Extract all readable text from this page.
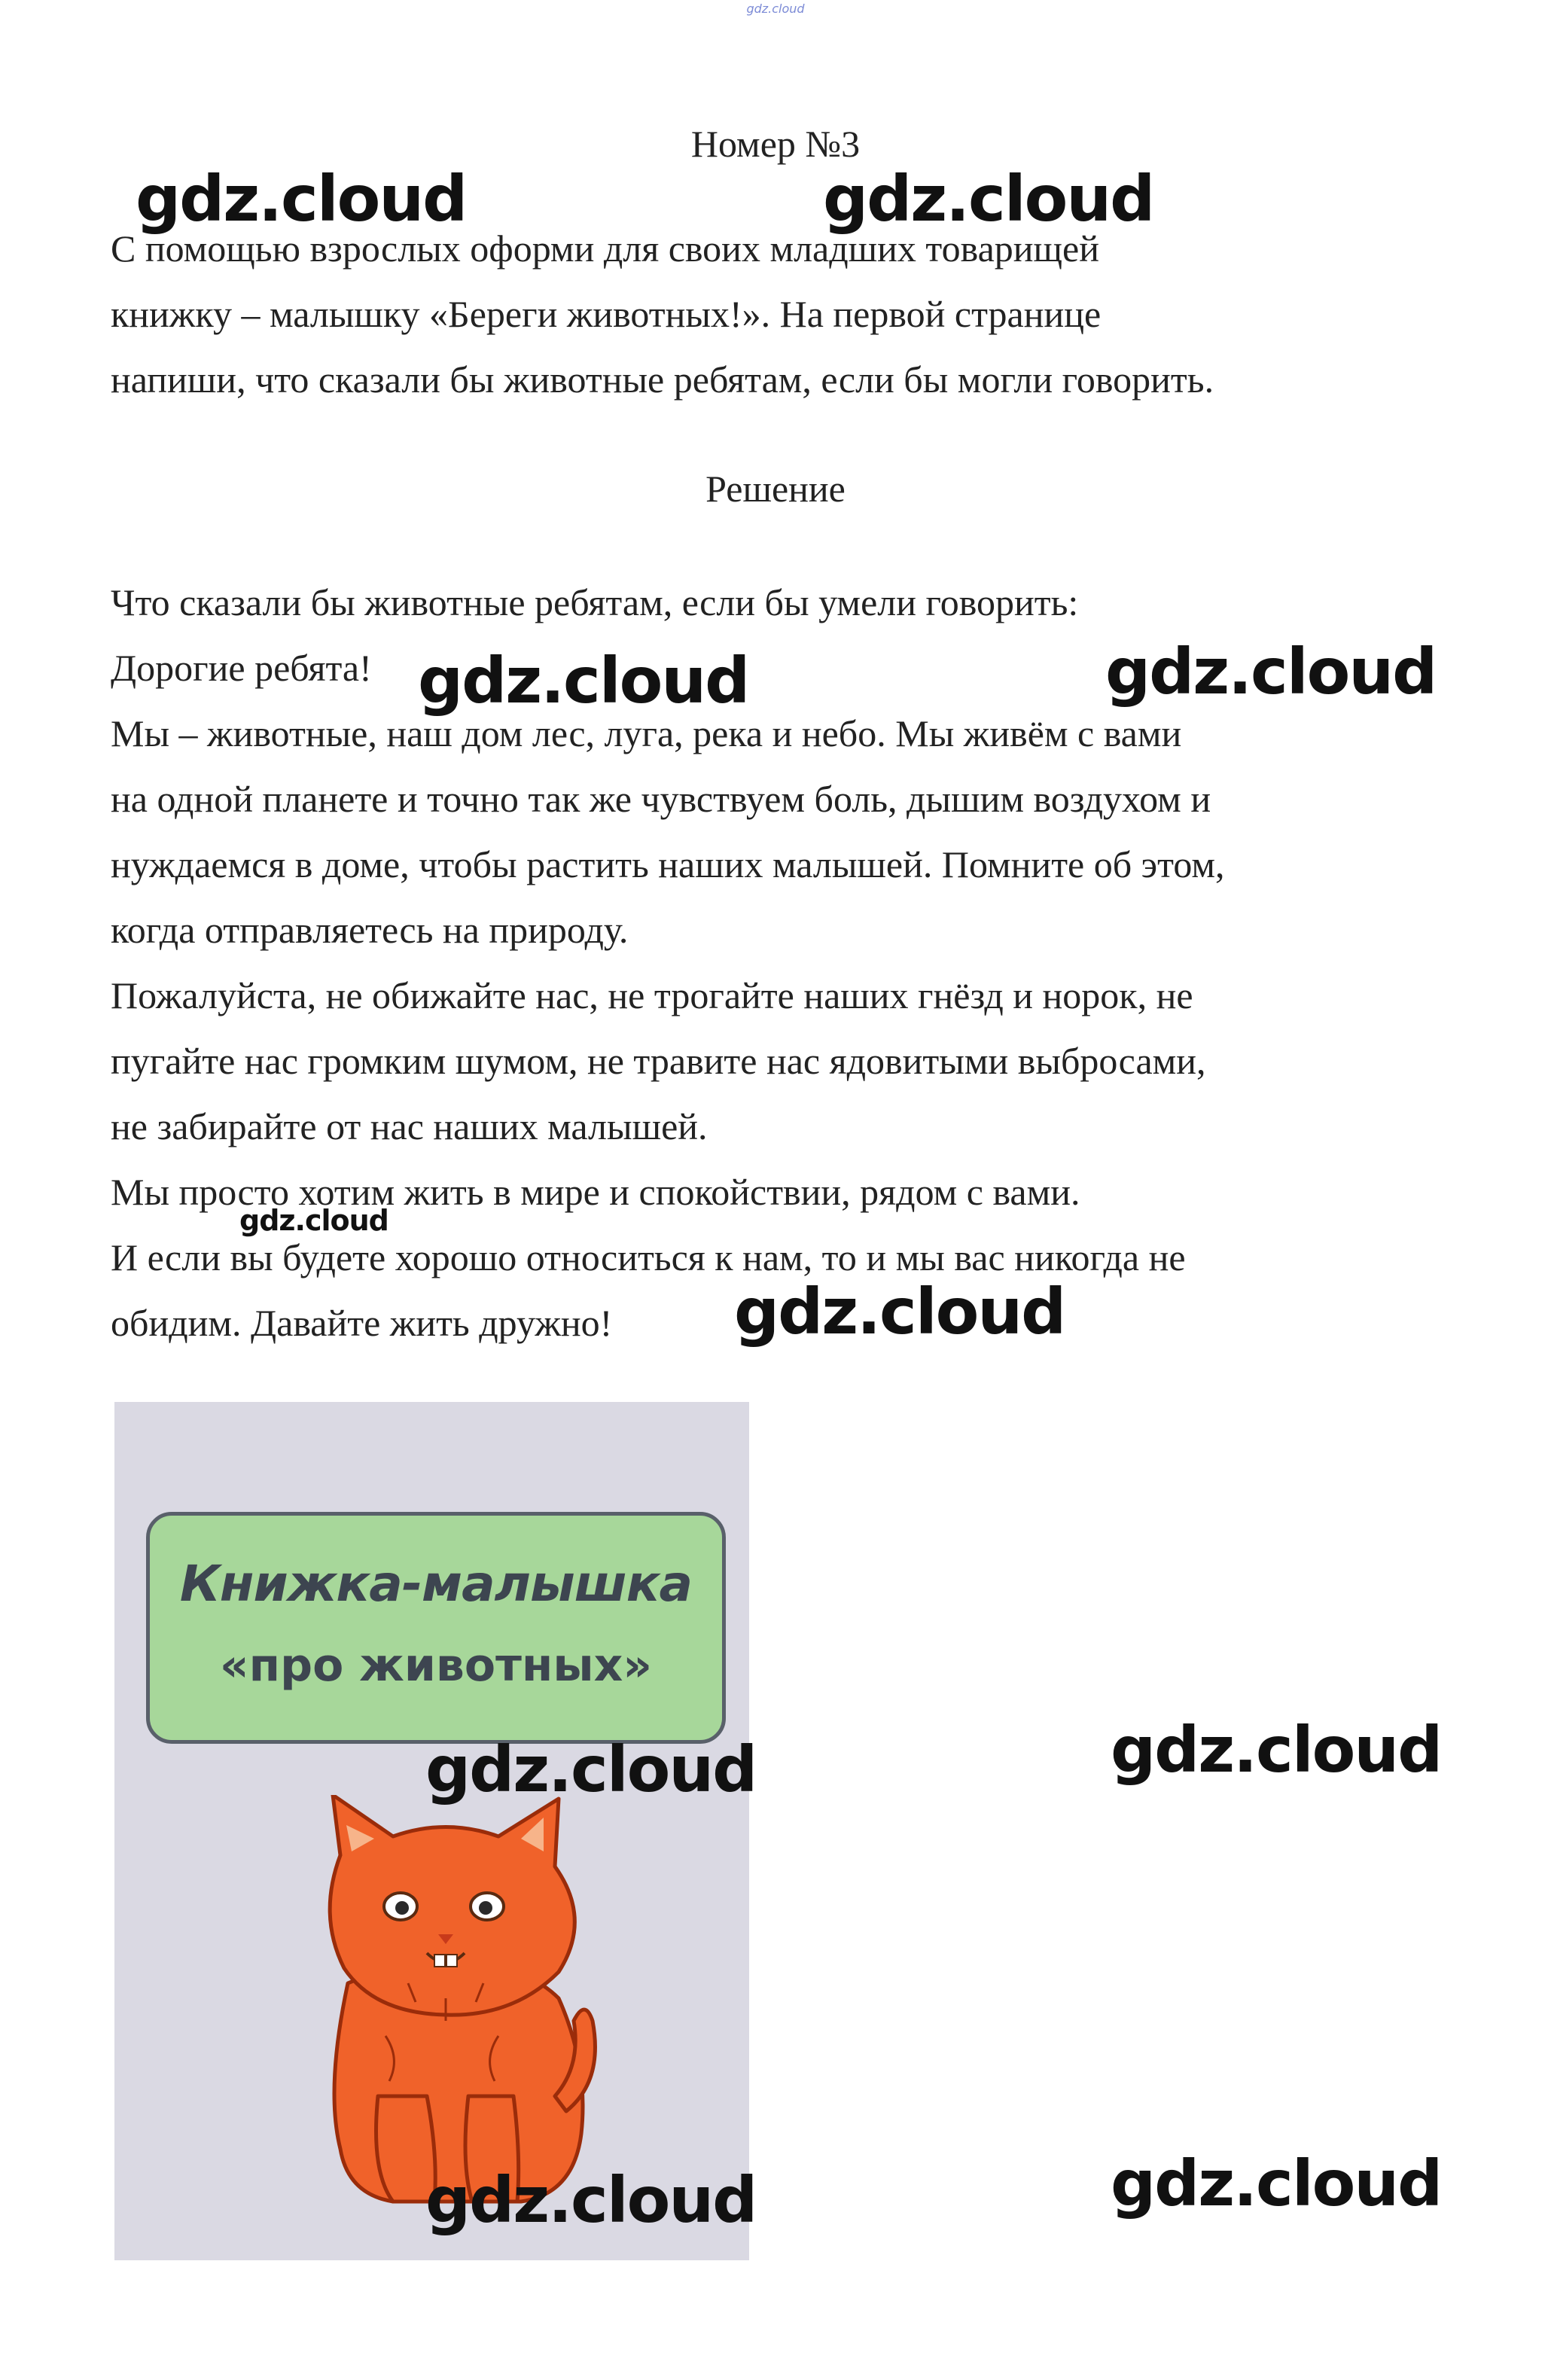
gdz.cloud
Номер №3

С помощью взрослых оформи для своих младших товарищей

книжку – малышку «Береги животных!». На первой странице

напиши, что сказали бы животные ребятам, если бы могли говорить.

Решение

Что сказали бы животные ребятам, если бы умели говорить:

Дорогие ребята!

Мы – животные, наш дом лес, луга, река и небо. Мы живём с вами

на одной планете и точно так же чувствуем боль, дышим воздухом и

нуждаемся в доме, чтобы растить наших малышей. Помните об этом,

когда отправляетесь на природу.

Пожалуйста, не обижайте нас, не трогайте наших гнёзд и норок, не

пугайте нас громким шумом, не травите нас ядовитыми выбросами,

не забирайте от нас наших малышей.

Мы просто хотим жить в мире и спокойствии, рядом с вами.

И если вы будете хорошо относиться к нам, то и мы вас никогда не

обидим. Давайте жить дружно!

Книжка-малышка
«про животных»
gdz.cloud	gdz.cloud
gdz.cloud	gdz.cloud
gdz.cloud
gdz.cloud
gdz.cloud	gdz.cloud
gdz.cloud	gdz.cloud
